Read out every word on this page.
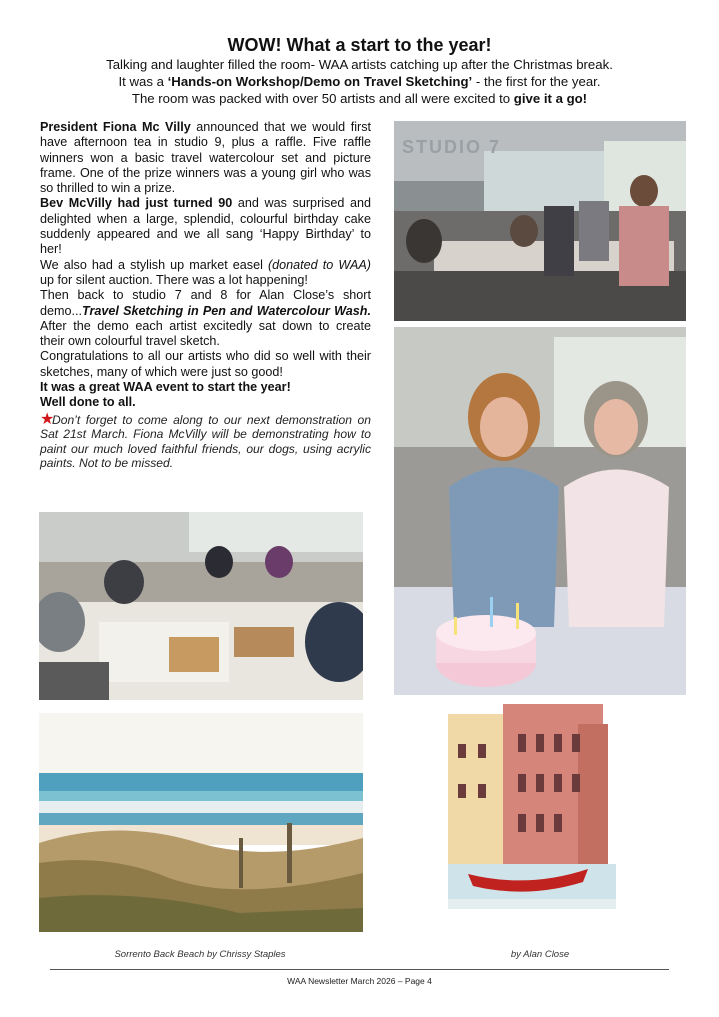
WOW! What a start to the year!
Talking and laughter filled the room- WAA artists catching up after the Christmas break.
It was a ‘Hands-on Workshop/Demo on Travel Sketching’ - the first for the year.
The room was packed with over 50 artists and all were excited to give it a go!

President Fiona Mc Villy announced that we would first have afternoon tea in studio 9, plus a raffle. Five raffle winners won a basic travel watercolour set and picture frame. One of the prize winners was a young girl who was so thrilled to win a prize.

Bev McVilly had just turned 90 and was surprised and delighted when a large, splendid, colourful birthday cake suddenly appeared and we all sang ‘Happy Birthday’ to her!

We also had a stylish up market easel (donated to WAA) up for silent auction. There was a lot happening!

Then back to studio 7 and 8 for Alan Close’s short demo...Travel Sketching in Pen and Watercolour Wash. After the demo each artist excitedly sat down to create their own colourful travel sketch.

Congratulations to all our artists who did so well with their sketches, many of which were just so good!

It was a great WAA event to start the year!

Well done to all.

★Don’t forget to come along to our next demonstration on Sat 21st March. Fiona McVilly will be demonstrating how to paint our much loved faithful friends, our dogs, using acrylic paints. Not to be missed.

STUDIO 7
Sorrento Back Beach by Chrissy Staples	by Alan Close
WAA Newsletter March 2026 – Page 4
